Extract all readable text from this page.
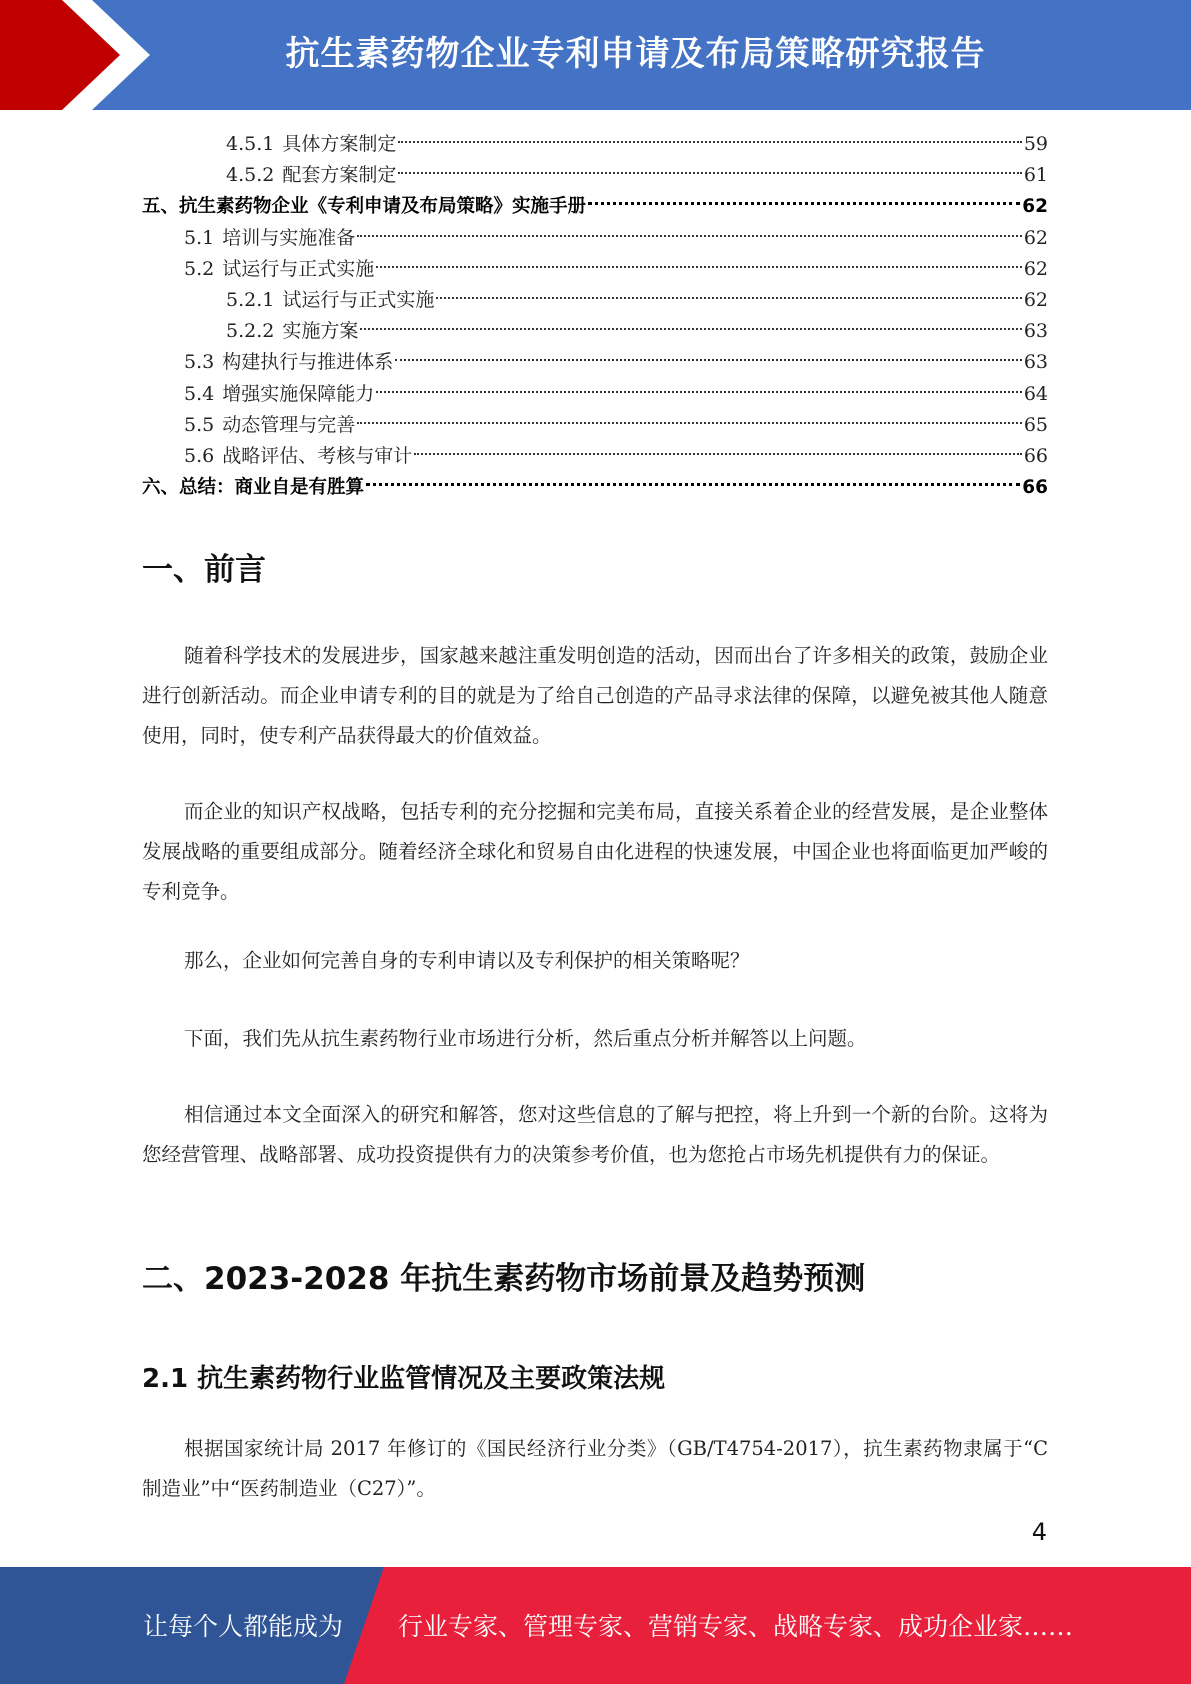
抗生素药物企业专利申请及布局策略研究报告
4.5.1 具体方案制定	59
4.5.2 配套方案制定	61
五、抗生素药物企业《专利申请及布局策略》实施手册	62
5.1 培训与实施准备	62
5.2 试运行与正式实施	62
5.2.1 试运行与正式实施	62
5.2.2 实施方案	63
5.3 构建执行与推进体系	63
5.4 增强实施保障能力	64
5.5 动态管理与完善	65
5.6 战略评估、考核与审计	66
六、总结：商业自是有胜算	66
一、前言

随着科学技术的发展进步，国家越来越注重发明创造的活动，因而出台了许多相关的政策，鼓励企业进行创新活动。而企业申请专利的目的就是为了给自己创造的产品寻求法律的保障，以避免被其他人随意使用，同时，使专利产品获得最大的价值效益。

而企业的知识产权战略，包括专利的充分挖掘和完美布局，直接关系着企业的经营发展，是企业整体发展战略的重要组成部分。随着经济全球化和贸易自由化进程的快速发展，中国企业也将面临更加严峻的专利竞争。

那么，企业如何完善自身的专利申请以及专利保护的相关策略呢？

下面，我们先从抗生素药物行业市场进行分析，然后重点分析并解答以上问题。

相信通过本文全面深入的研究和解答，您对这些信息的了解与把控，将上升到一个新的台阶。这将为您经营管理、战略部署、成功投资提供有力的决策参考价值，也为您抢占市场先机提供有力的保证。

二、2023-2028 年抗生素药物市场前景及趋势预测
2.1 抗生素药物行业监管情况及主要政策法规

根据国家统计局 2017 年修订的《国民经济行业分类》（GB/T4754-2017），抗生素药物隶属于“C 制造业”中“医药制造业（C27）”。

4
让每个人都能成为 行业专家、管理专家、营销专家、战略专家、成功企业家……
